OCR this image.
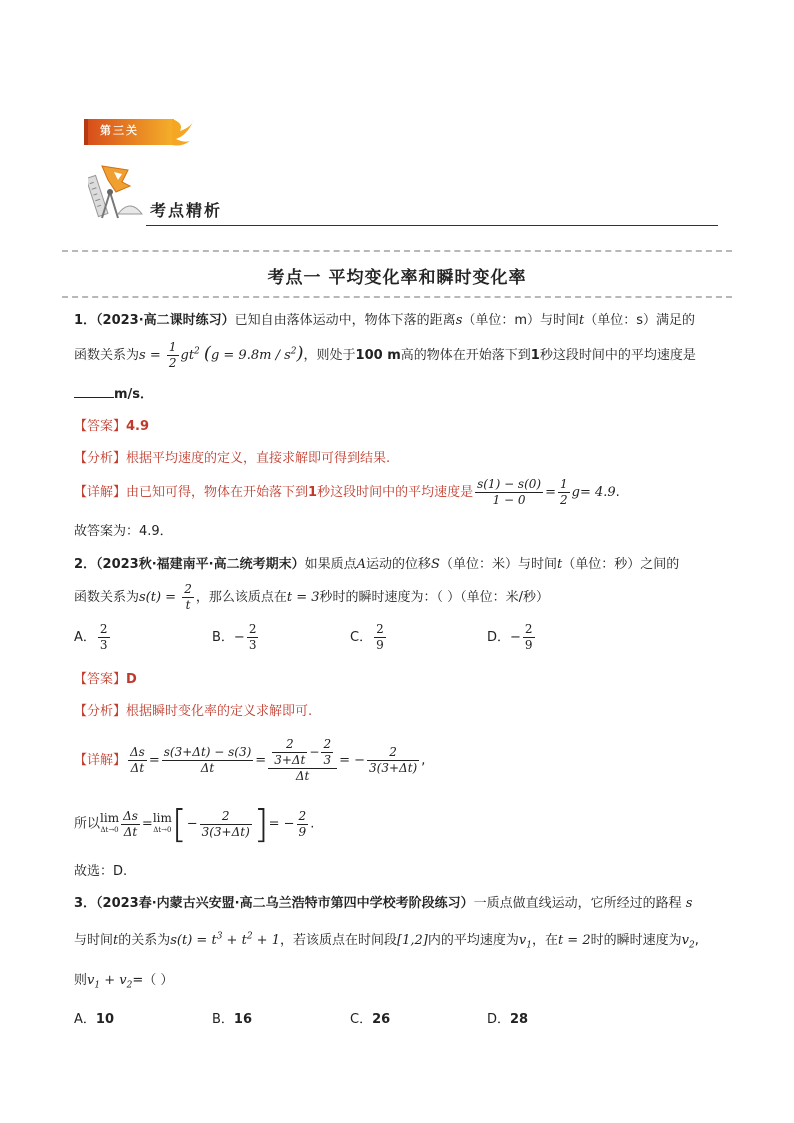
第三关
考点精析
考点一 平均变化率和瞬时变化率
1．（2023·高二课时练习）已知自由落体运动中，物体下落的距离s（单位：m）与时间t（单位：s）满足的
函数关系为$s = \frac{1}{2} gt^2$ $(g = 9.8m / s^2)$，则处于100 m高的物体在开始落下到1秒这段时间中的平均速度是
m/s．
【答案】4.9
【分析】根据平均速度的定义，直接求解即可得到结果.
【详解】由已知可得，物体在开始落下到1秒这段时间中的平均速度是 $\frac{s(1) - s(0)}{1 - 0} = \frac{1}{2} g= 4.9$.
故答案为：4.9．
2．（2023秋·福建南平·高二统考期末）如果质点A运动的位移S（单位：米）与时间t（单位：秒）之间的
函数关系为$s(t) = \frac{2}{t}$ ，那么该质点在t = 3秒时的瞬时速度为：（ ）（单位：米/秒）
A． $\frac{2}{3}$	B．− $\frac{2}{3}$	C． $\frac{2}{9}$	D．− $\frac{2}{9}$
【答案】D
【分析】根据瞬时变化率的定义求解即可.
【详解】 $\frac{\Delta s}{\Delta t} = \frac{s(3+\Delta t) - s(3)}{\Delta t} = \frac{\frac{2}{3+\Delta t} - \frac{2}{3}}{\Delta t}$ = − $\frac{2}{3(3+\Delta t)}$ ,
所以 lim
$\Delta t\to 0 \frac{\Delta s}{\Delta t} = \lim$
Δt→0 [− $\frac{2}{3(3+\Delta t)}$ ]= − $\frac{2}{9}$ .
故选：D.
3．（2023春·内蒙古兴安盟·高二乌兰浩特市第四中学校考阶段练习）一质点做直线运动，它所经过的路程 s
与时间t的关系为$s(t) = t^3 + t^2 + 1$，若该质点在时间段[1,2]内的平均速度为$v_1$，在t = 2时的瞬时速度为$v_2$,
则$v_1 + v_2=$（ ）
A．10	B．16	C．26	D．28
